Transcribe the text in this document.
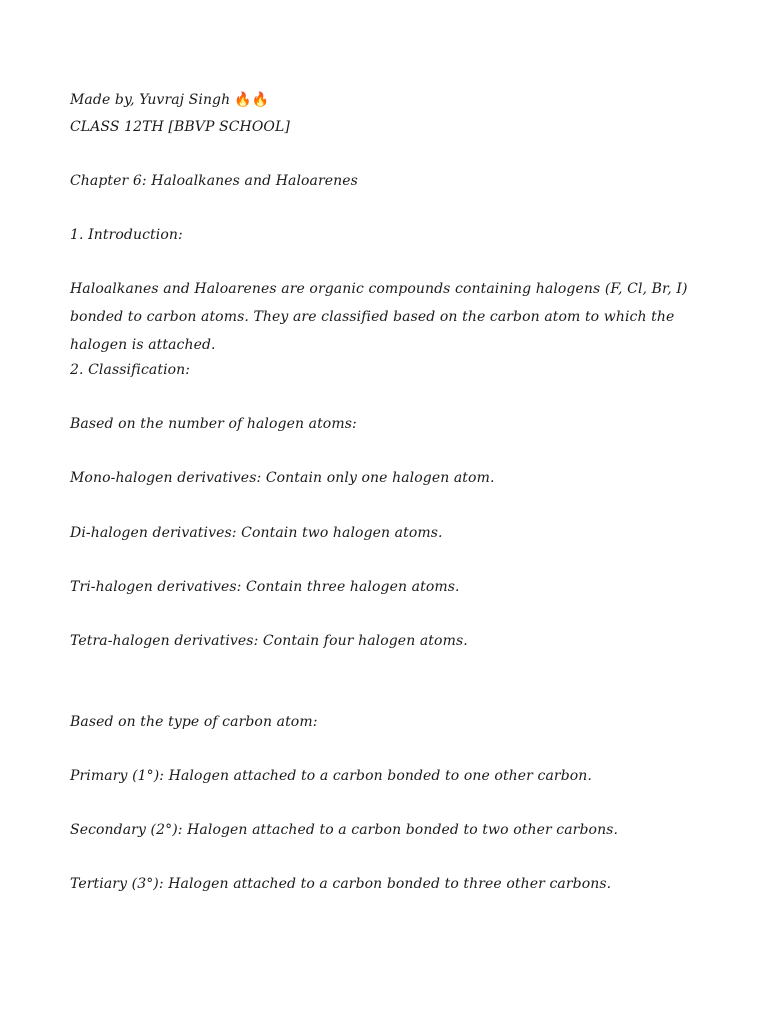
Made by, Yuvraj Singh 🔥🔥

CLASS 12TH [BBVP SCHOOL]

Chapter 6: Haloalkanes and Haloarenes

1. Introduction:

Haloalkanes and Haloarenes are organic compounds containing halogens (F, Cl, Br, I) bonded to carbon atoms. They are classified based on the carbon atom to which the halogen is attached.

2. Classification:

Based on the number of halogen atoms:

Mono-halogen derivatives: Contain only one halogen atom.

Di-halogen derivatives: Contain two halogen atoms.

Tri-halogen derivatives: Contain three halogen atoms.

Tetra-halogen derivatives: Contain four halogen atoms.

Based on the type of carbon atom:

Primary (1°): Halogen attached to a carbon bonded to one other carbon.

Secondary (2°): Halogen attached to a carbon bonded to two other carbons.

Tertiary (3°): Halogen attached to a carbon bonded to three other carbons.
